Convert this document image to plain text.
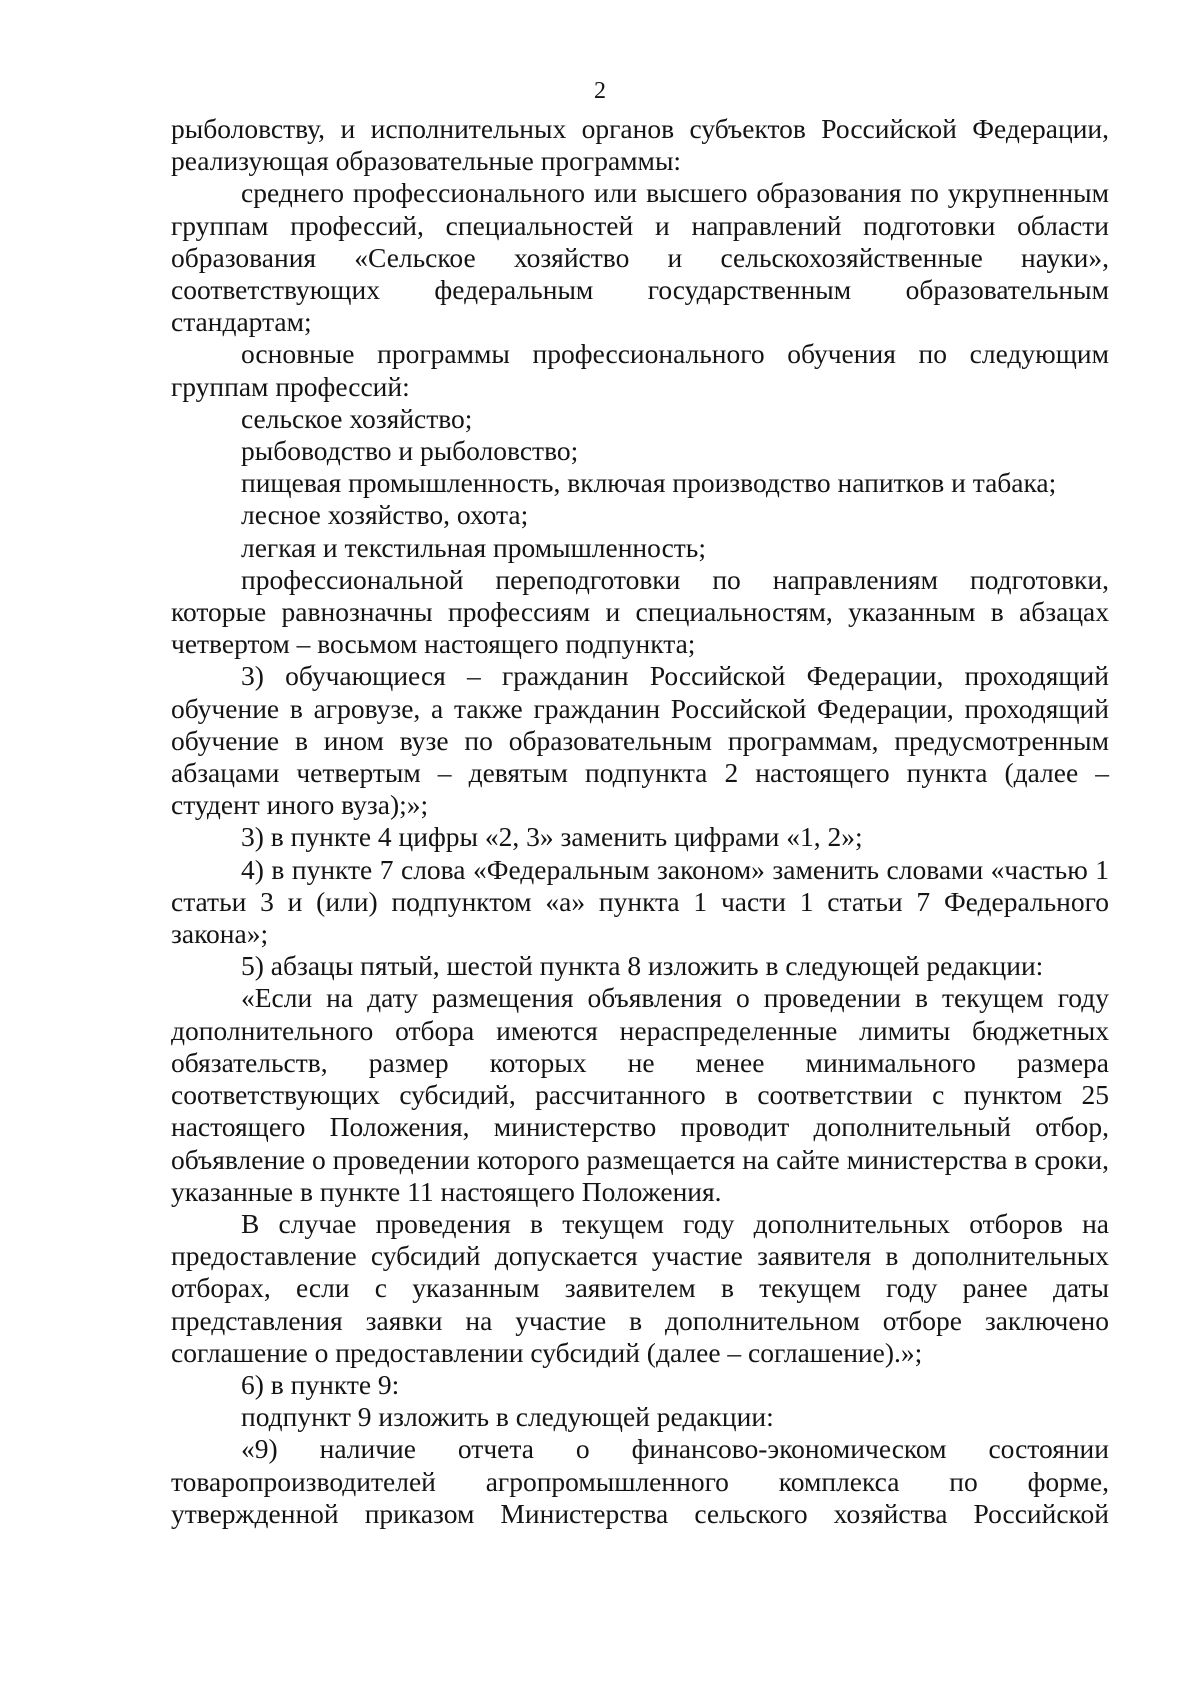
2

рыболовству, и исполнительных органов субъектов Российской Федерации, реализующая образовательные программы:

среднего профессионального или высшего образования по укрупненным группам профессий, специальностей и направлений подготовки области образования «Сельское хозяйство и сельскохозяйственные науки», соответствующих федеральным государственным образовательным стандартам;

основные программы профессионального обучения по следующим группам профессий:

сельское хозяйство;

рыбоводство и рыболовство;

пищевая промышленность, включая производство напитков и табака;

лесное хозяйство, охота;

легкая и текстильная промышленность;

профессиональной переподготовки по направлениям подготовки, которые равнозначны профессиям и специальностям, указанным в абзацах четвертом – восьмом настоящего подпункта;

3) обучающиеся – гражданин Российской Федерации, проходящий обучение в агровузе, а также гражданин Российской Федерации, проходящий обучение в ином вузе по образовательным программам, предусмотренным абзацами четвертым – девятым подпункта 2 настоящего пункта (далее – студент иного вуза);»;

3) в пункте 4 цифры «2, 3» заменить цифрами «1, 2»;

4) в пункте 7 слова «Федеральным законом» заменить словами «частью 1 статьи 3 и (или) подпунктом «а» пункта 1 части 1 статьи 7 Федерального закона»;

5) абзацы пятый, шестой пункта 8 изложить в следующей редакции:

«Если на дату размещения объявления о проведении в текущем году дополнительного отбора имеются нераспределенные лимиты бюджетных обязательств, размер которых не менее минимального размера соответствующих субсидий, рассчитанного в соответствии с пунктом 25 настоящего Положения, министерство проводит дополнительный отбор, объявление о проведении которого размещается на сайте министерства в сроки, указанные в пункте 11 настоящего Положения.

В случае проведения в текущем году дополнительных отборов на предоставление субсидий допускается участие заявителя в дополнительных отборах, если с указанным заявителем в текущем году ранее даты представления заявки на участие в дополнительном отборе заключено соглашение о предоставлении субсидий (далее – соглашение).»;

6) в пункте 9:

подпункт 9 изложить в следующей редакции:

«9) наличие отчета о финансово-экономическом состоянии товаропроизводителей агропромышленного комплекса по форме, утвержденной приказом Министерства сельского хозяйства Российской
